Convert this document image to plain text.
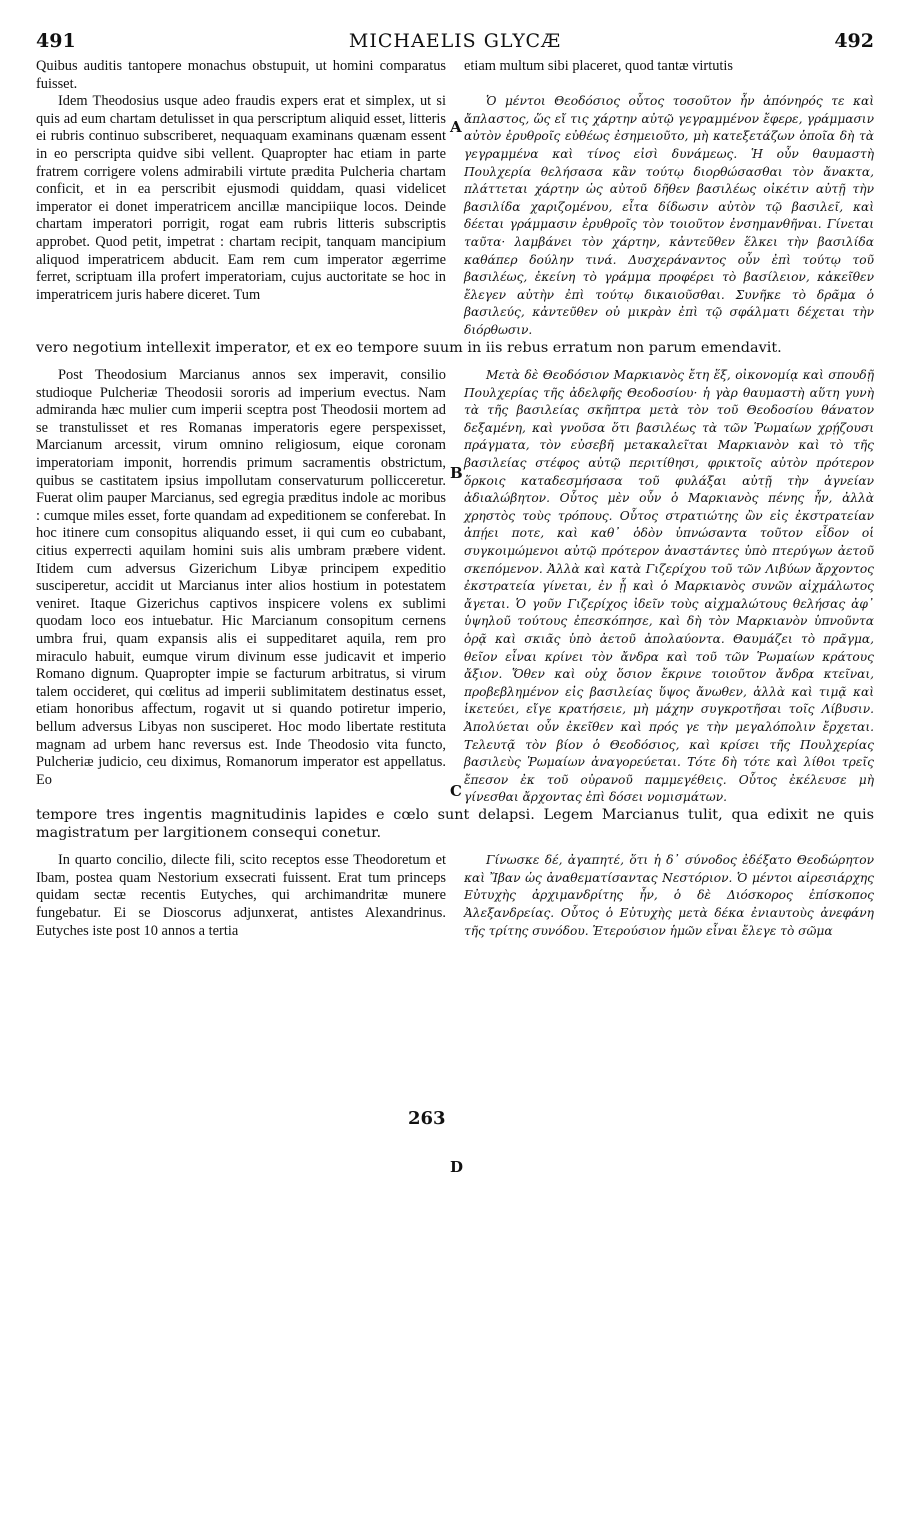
491	MICHAELIS GLYCÆ	492

Quibus auditis tantopere monachus obstupuit, ut homini comparatus fuisset.

etiam multum sibi placeret, quod tantæ virtutis

Idem Theodosius usque adeo fraudis expers erat et simplex, ut si quis ad eum chartam detulisset in qua perscriptum aliquid esset, litteris ei rubris continuo subscriberet, nequaquam examinans quænam essent in eo perscripta quidve sibi vellent. Quapropter hac etiam in parte fratrem corrigere volens admirabili virtute prædita Pulcheria chartam conficit, et in ea perscribit ejusmodi quiddam, quasi videlicet imperator ei donet imperatricem ancillæ mancipiique locos. Deinde chartam imperatori porrigit, rogat eam rubris litteris subscriptis approbet. Quod petit, impetrat : chartam recipit, tanquam mancipium aliquod imperatricem abducit. Eam rem cum imperator ægerrime ferret, scriptuam illa profert imperatoriam, cujus auctoritate se hoc in imperatricem juris habere diceret. Tum

Ὁ μέντοι Θεοδόσιος οὗτος τοσοῦτον ἦν ἀπόνηρός τε καὶ ἄπλαστος, ὥς εἴ τις χάρτην αὐτῷ γεγραμμένον ἔφερε, γράμμασιν αὐτὸν ἐρυθροῖς εὐθέως ἐσημειοῦτο, μὴ κατεξετάζων ὁποῖα δὴ τὰ γεγραμμένα καὶ τίνος εἰσὶ δυνάμεως. Ἡ οὖν θαυμαστὴ Πουλχερία θελήσασα κἂν τούτῳ διορθώσασθαι τὸν ἄνακτα, πλάττεται χάρτην ὡς αὐτοῦ δῆθεν βασιλέως οἰκέτιν αὐτῇ τὴν βασιλίδα χαριζομένου, εἶτα δίδωσιν αὐτὸν τῷ βασιλεῖ, καὶ δέεται γράμμασιν ἐρυθροῖς τὸν τοιοῦτον ἐνσημανθῆναι. Γίνεται ταῦτα· λαμβάνει τὸν χάρτην, κἀντεῦθεν ἕλκει τὴν βασιλίδα καθάπερ δούλην τινά. Δυσχεράναντος οὖν ἐπὶ τούτῳ τοῦ βασιλέως, ἐκείνη τὸ γράμμα προφέρει τὸ βασίλειον, κἀκεῖθεν ἔλεγεν αὐτὴν ἐπὶ τούτῳ δικαιοῦσθαι. Συνῆκε τὸ δρᾶμα ὁ βασιλεύς, κἀντεῦθεν οὐ μικρὰν ἐπὶ τῷ σφάλματι δέχεται τὴν διόρθωσιν.

vero negotium intellexit imperator, et ex eo tempore suum in iis rebus erratum non parum emendavit.

Post Theodosium Marcianus annos sex imperavit, consilio studioque Pulcheriæ Theodosii sororis ad imperium evectus. Nam admiranda hæc mulier cum imperii sceptra post Theodosii mortem ad se transtulisset et res Romanas imperatoris egere perspexisset, Marcianum arcessit, virum omnino religiosum, eique coronam imperatoriam imponit, horrendis primum sacramentis obstrictum, quibus se castitatem ipsius impollutam conservaturum pollicceretur. Fuerat olim pauper Marcianus, sed egregia præditus indole ac moribus : cumque miles esset, forte quandam ad expeditionem se conferebat. In hoc itinere cum consopitus aliquando esset, ii qui cum eo cubabant, citius experrecti aquilam homini suis alis umbram præbere vident. Itidem cum adversus Gizerichum Libyæ principem expeditio susciperetur, accidit ut Marcianus inter alios hostium in potestatem veniret. Itaque Gizerichus captivos inspicere volens ex sublimi quodam loco eos intuebatur. Hic Marcianum consopitum cernens umbra frui, quam expansis alis ei suppeditaret aquila, rem pro miraculo habuit, eumque virum divinum esse judicavit et imperio Romano dignum. Quapropter impie se facturum arbitratus, si virum talem occideret, qui cœlitus ad imperii sublimitatem destinatus esset, etiam honoribus affectum, rogavit ut si quando potiretur imperio, bellum adversus Libyas non susciperet. Hoc modo libertate restituta magnam ad urbem hanc reversus est. Inde Theodosio vita functo, Pulcheriæ judicio, ceu diximus, Romanorum imperator est appellatus. Eo

Μετὰ δὲ Θεοδόσιον Μαρκιανὸς ἔτη ἕξ, οἰκονομίᾳ καὶ σπουδῇ Πουλχερίας τῆς ἀδελφῆς Θεοδοσίου· ἡ γὰρ θαυμαστὴ αὕτη γυνὴ τὰ τῆς βασιλείας σκῆπτρα μετὰ τὸν τοῦ Θεοδοσίου θάνατον δεξαμένη, καὶ γνοῦσα ὅτι βασιλέως τὰ τῶν Ῥωμαίων χρῄζουσι πράγματα, τὸν εὐσεβῆ μετακαλεῖται Μαρκιανὸν καὶ τὸ τῆς βασιλείας στέφος αὐτῷ περιτίθησι, φρικτοῖς αὐτὸν πρότερον ὅρκοις καταδεσμήσασα τοῦ φυλάξαι αὐτῇ τὴν ἁγνείαν ἀδιαλώβητον. Οὗτος μὲν οὖν ὁ Μαρκιανὸς πένης ἦν, ἀλλὰ χρηστὸς τοὺς τρόπους. Οὗτος στρατιώτης ὢν εἰς ἐκστρατείαν ἀπῄει ποτε, καὶ καθ᾽ ὁδὸν ὑπνώσαντα τοῦτον εἶδον οἱ συγκοιμώμενοι αὐτῷ πρότερον ἀναστάντες ὑπὸ πτερύγων ἀετοῦ σκεπόμενον. Ἀλλὰ καὶ κατὰ Γιζερίχου τοῦ τῶν Λιβύων ἄρχοντος ἐκστρατεία γίνεται, ἐν ᾗ καὶ ὁ Μαρκιανὸς συνῶν αἰχμάλωτος ἄγεται. Ὁ γοῦν Γιζερίχος ἰδεῖν τοὺς αἰχμαλώτους θελήσας ἀφ᾽ ὑψηλοῦ τούτους ἐπεσκόπησε, καὶ δὴ τὸν Μαρκιανὸν ὑπνοῦντα ὁρᾷ καὶ σκιᾶς ὑπὸ ἀετοῦ ἀπολαύοντα. Θαυμάζει τὸ πρᾶγμα, θεῖον εἶναι κρίνει τὸν ἄνδρα καὶ τοῦ τῶν Ῥωμαίων κράτους ἄξιον. Ὅθεν καὶ οὐχ ὅσιον ἔκρινε τοιοῦτον ἄνδρα κτεῖναι, προβεβλημένον εἰς βασιλείας ὕψος ἄνωθεν, ἀλλὰ καὶ τιμᾷ καὶ ἱκετεύει, εἴγε κρατήσειε, μὴ μάχην συγκροτῆσαι τοῖς Λίβυσιν. Ἀπολύεται οὖν ἐκεῖθεν καὶ πρός γε τὴν μεγαλόπολιν ἔρχεται. Τελευτᾷ τὸν βίον ὁ Θεοδόσιος, καὶ κρίσει τῆς Πουλχερίας βασιλεὺς Ῥωμαίων ἀναγορεύεται. Τότε δὴ τότε καὶ λίθοι τρεῖς ἔπεσον ἐκ τοῦ οὐρανοῦ παμμεγέθεις. Οὗτος ἐκέλευσε μὴ γίνεσθαι ἄρχοντας ἐπὶ δόσει νομισμάτων.

tempore tres ingentis magnitudinis lapides e cœlo sunt delapsi. Legem Marcianus tulit, qua edixit ne quis magistratum per largitionem consequi conetur.

In quarto concilio, dilecte fili, scito receptos esse Theodoretum et Ibam, postea quam Nestorium exsecrati fuissent. Erat tum princeps quidam sectæ recentis Eutyches, qui archimandritæ munere fungebatur. Ei se Dioscorus adjunxerat, antistes Alexandrinus. Eutyches iste post 10 annos a tertia

Γίνωσκε δέ, ἀγαπητέ, ὅτι ἡ δ᾽ σύνοδος ἐδέξατο Θεοδώρητον καὶ Ἴβαν ὡς ἀναθεματίσαντας Νεστόριον. Ὁ μέντοι αἱρεσιάρχης Εὐτυχὴς ἀρχιμανδρίτης ἦν, ὁ δὲ Διόσκορος ἐπίσκοπος Ἀλεξανδρείας. Οὗτος ὁ Εὐτυχὴς μετὰ δέκα ἐνιαυτοὺς ἀνεφάνη τῆς τρίτης συνόδου. Ἑτερούσιον ἡμῶν εἶναι ἔλεγε τὸ σῶμα

A
B
C
D
263
